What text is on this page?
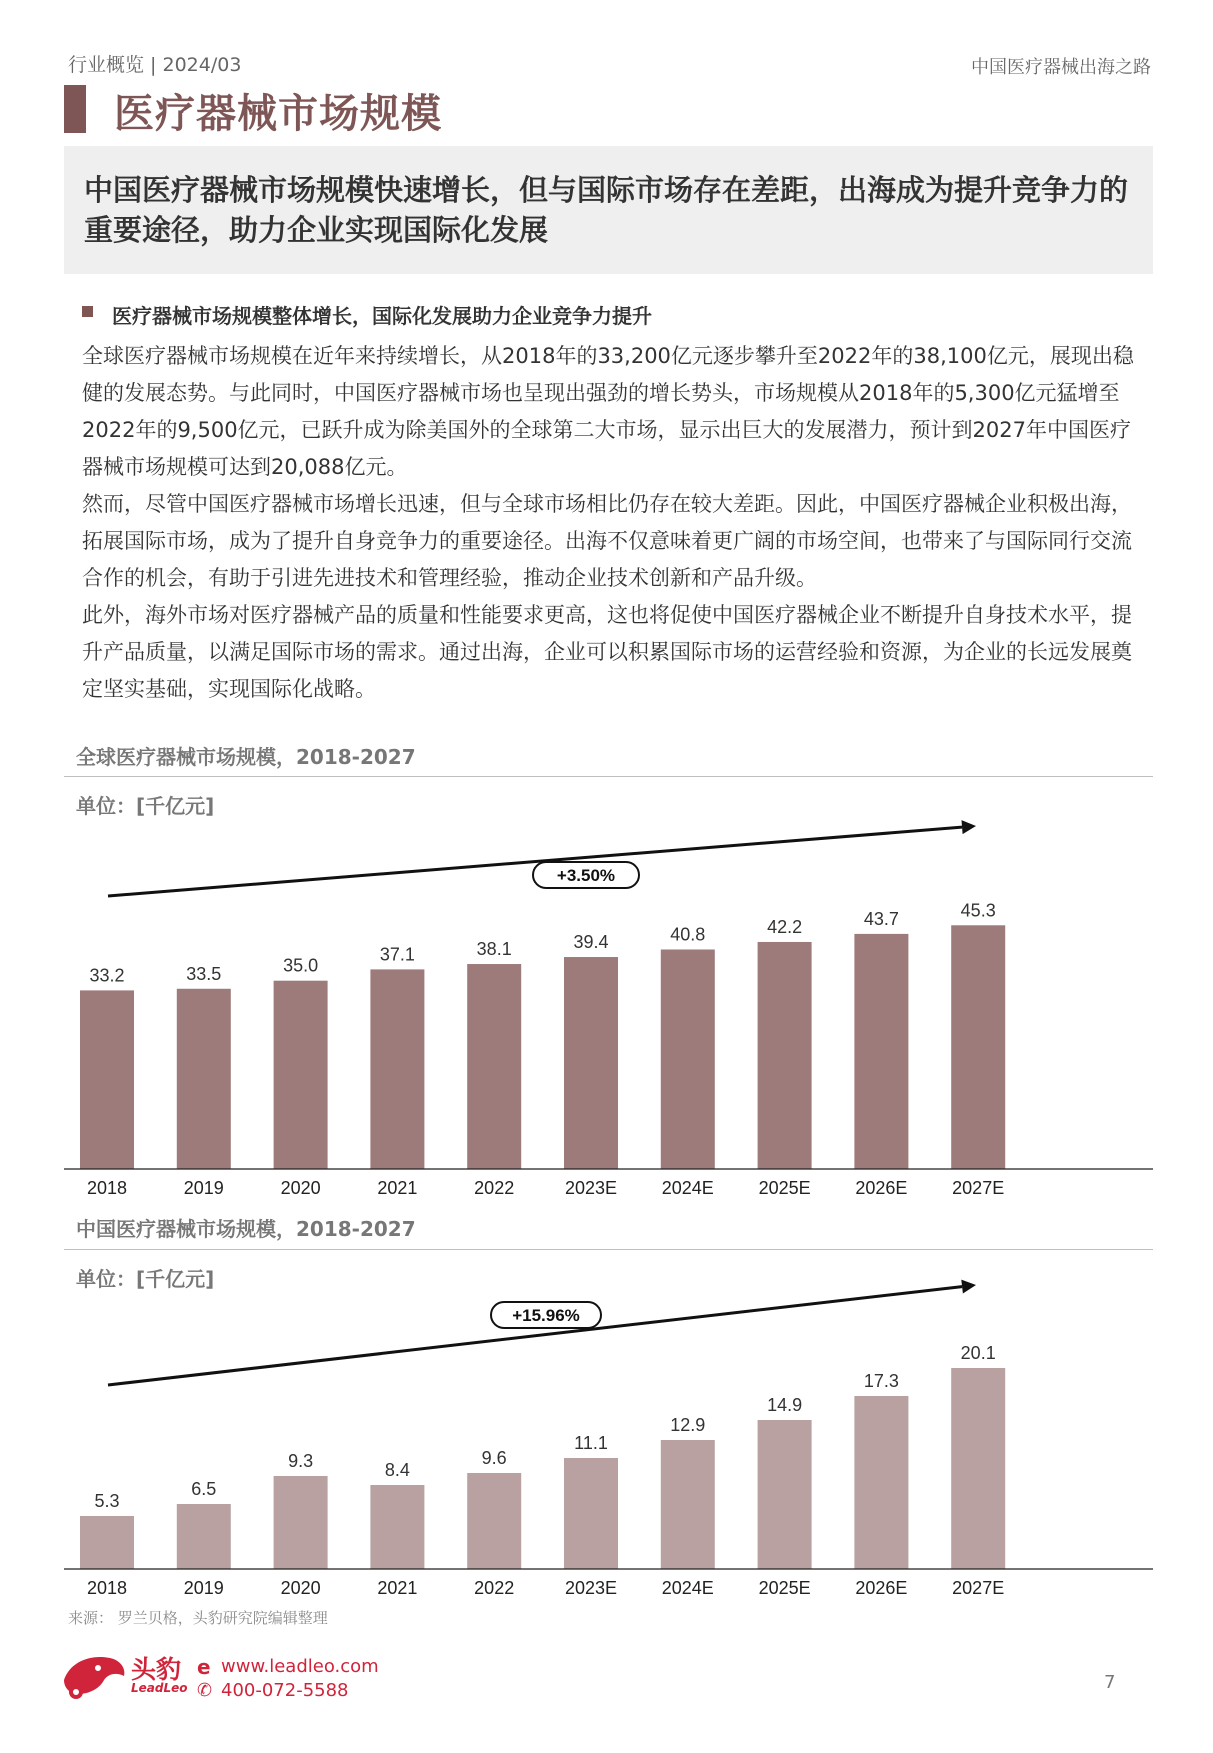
行业概览 | 2024/03	中国医疗器械出海之路
医疗器械市场规模
中国医疗器械市场规模快速增长，但与国际市场存在差距，出海成为提升竞争力的重要途径，助力企业实现国际化发展
医疗器械市场规模整体增长，国际化发展助力企业竞争力提升

全球医疗器械市场规模在近年来持续增长，从2018年的33,200亿元逐步攀升至2022年的38,100亿元，展现出稳健的发展态势。与此同时，中国医疗器械市场也呈现出强劲的增长势头，市场规模从2018年的5,300亿元猛增至2022年的9,500亿元，已跃升成为除美国外的全球第二大市场，显示出巨大的发展潜力，预计到2027年中国医疗器械市场规模可达到20,088亿元。

然而，尽管中国医疗器械市场增长迅速，但与全球市场相比仍存在较大差距。因此，中国医疗器械企业积极出海，拓展国际市场，成为了提升自身竞争力的重要途径。出海不仅意味着更广阔的市场空间，也带来了与国际同行交流合作的机会，有助于引进先进技术和管理经验，推动企业技术创新和产品升级。

此外，海外市场对医疗器械产品的质量和性能要求更高，这也将促使中国医疗器械企业不断提升自身技术水平，提升产品质量，以满足国际市场的需求。通过出海，企业可以积累国际市场的运营经验和资源，为企业的长远发展奠定坚实基础，实现国际化战略。

全球医疗器械市场规模，2018-2027
单位：[千亿元]
33.2
2018
33.5
2019
35.0
2020
37.1
2021
38.1
2022
39.4
2023E
40.8
2024E
42.2
2025E
43.7
2026E
45.3
2027E
+3.50%
中国医疗器械市场规模，2018-2027
单位：[千亿元]
5.3
2018
6.5
2019
9.3
2020
8.4
2021
9.6
2022
11.1
2023E
12.9
2024E
14.9
2025E
17.3
2026E
20.1
2027E
+15.96%
来源： 罗兰贝格，头豹研究院编辑整理
头豹
LeadLeo
e www.leadleo.com
✆ 400-072-5588	7
